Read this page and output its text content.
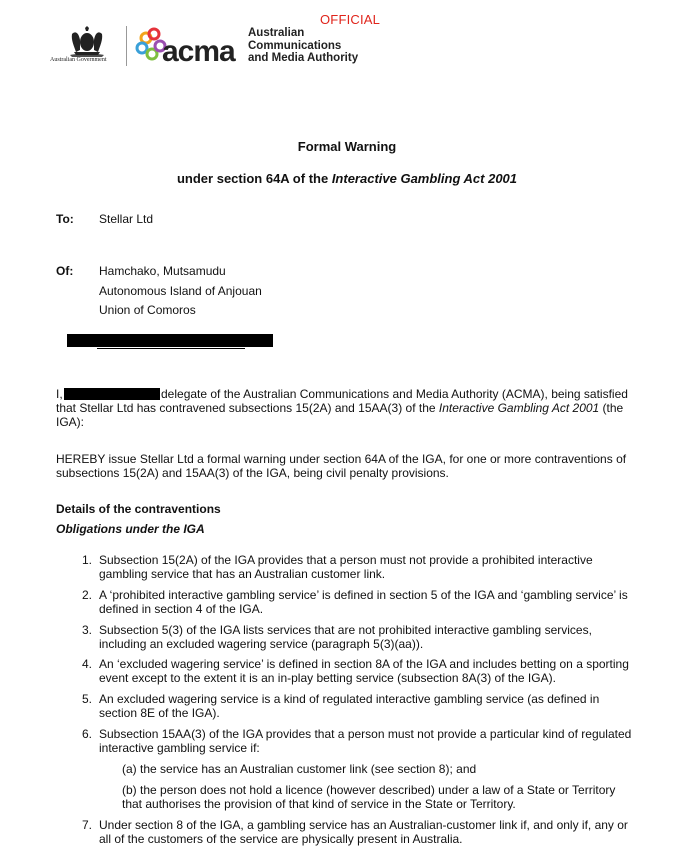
OFFICIAL
Australian Government acma
Australian
Communications
and Media Authority
Formal Warning
under section 64A of the Interactive Gambling Act 2001
To: Stellar Ltd
Of: Hamchako, Mutsamudu
Autonomous Island of Anjouan
Union of Comoros
I,	delegate of the Australian Communications and Media Authority (ACMA), being satisfied
that Stellar Ltd has contravened subsections 15(2A) and 15AA(3) of the Interactive Gambling Act 2001 (the
IGA):
HEREBY issue Stellar Ltd a formal warning under section 64A of the IGA, for one or more contraventions of
subsections 15(2A) and 15AA(3) of the IGA, being civil penalty provisions.
Details of the contraventions
Obligations under the IGA
1. Subsection 15(2A) of the IGA provides that a person must not provide a prohibited interactive
gambling service that has an Australian customer link.
2. A ‘prohibited interactive gambling service’ is defined in section 5 of the IGA and ‘gambling service’ is
defined in section 4 of the IGA.
3. Subsection 5(3) of the IGA lists services that are not prohibited interactive gambling services,
including an excluded wagering service (paragraph 5(3)(aa)).
4. An ‘excluded wagering service’ is defined in section 8A of the IGA and includes betting on a sporting
event except to the extent it is an in-play betting service (subsection 8A(3) of the IGA).
5. An excluded wagering service is a kind of regulated interactive gambling service (as defined in
section 8E of the IGA).
6. Subsection 15AA(3) of the IGA provides that a person must not provide a particular kind of regulated
interactive gambling service if:
(a) the service has an Australian customer link (see section 8); and
(b) the person does not hold a licence (however described) under a law of a State or Territory
that authorises the provision of that kind of service in the State or Territory.
7. Under section 8 of the IGA, a gambling service has an Australian-customer link if, and only if, any or
all of the customers of the service are physically present in Australia.
